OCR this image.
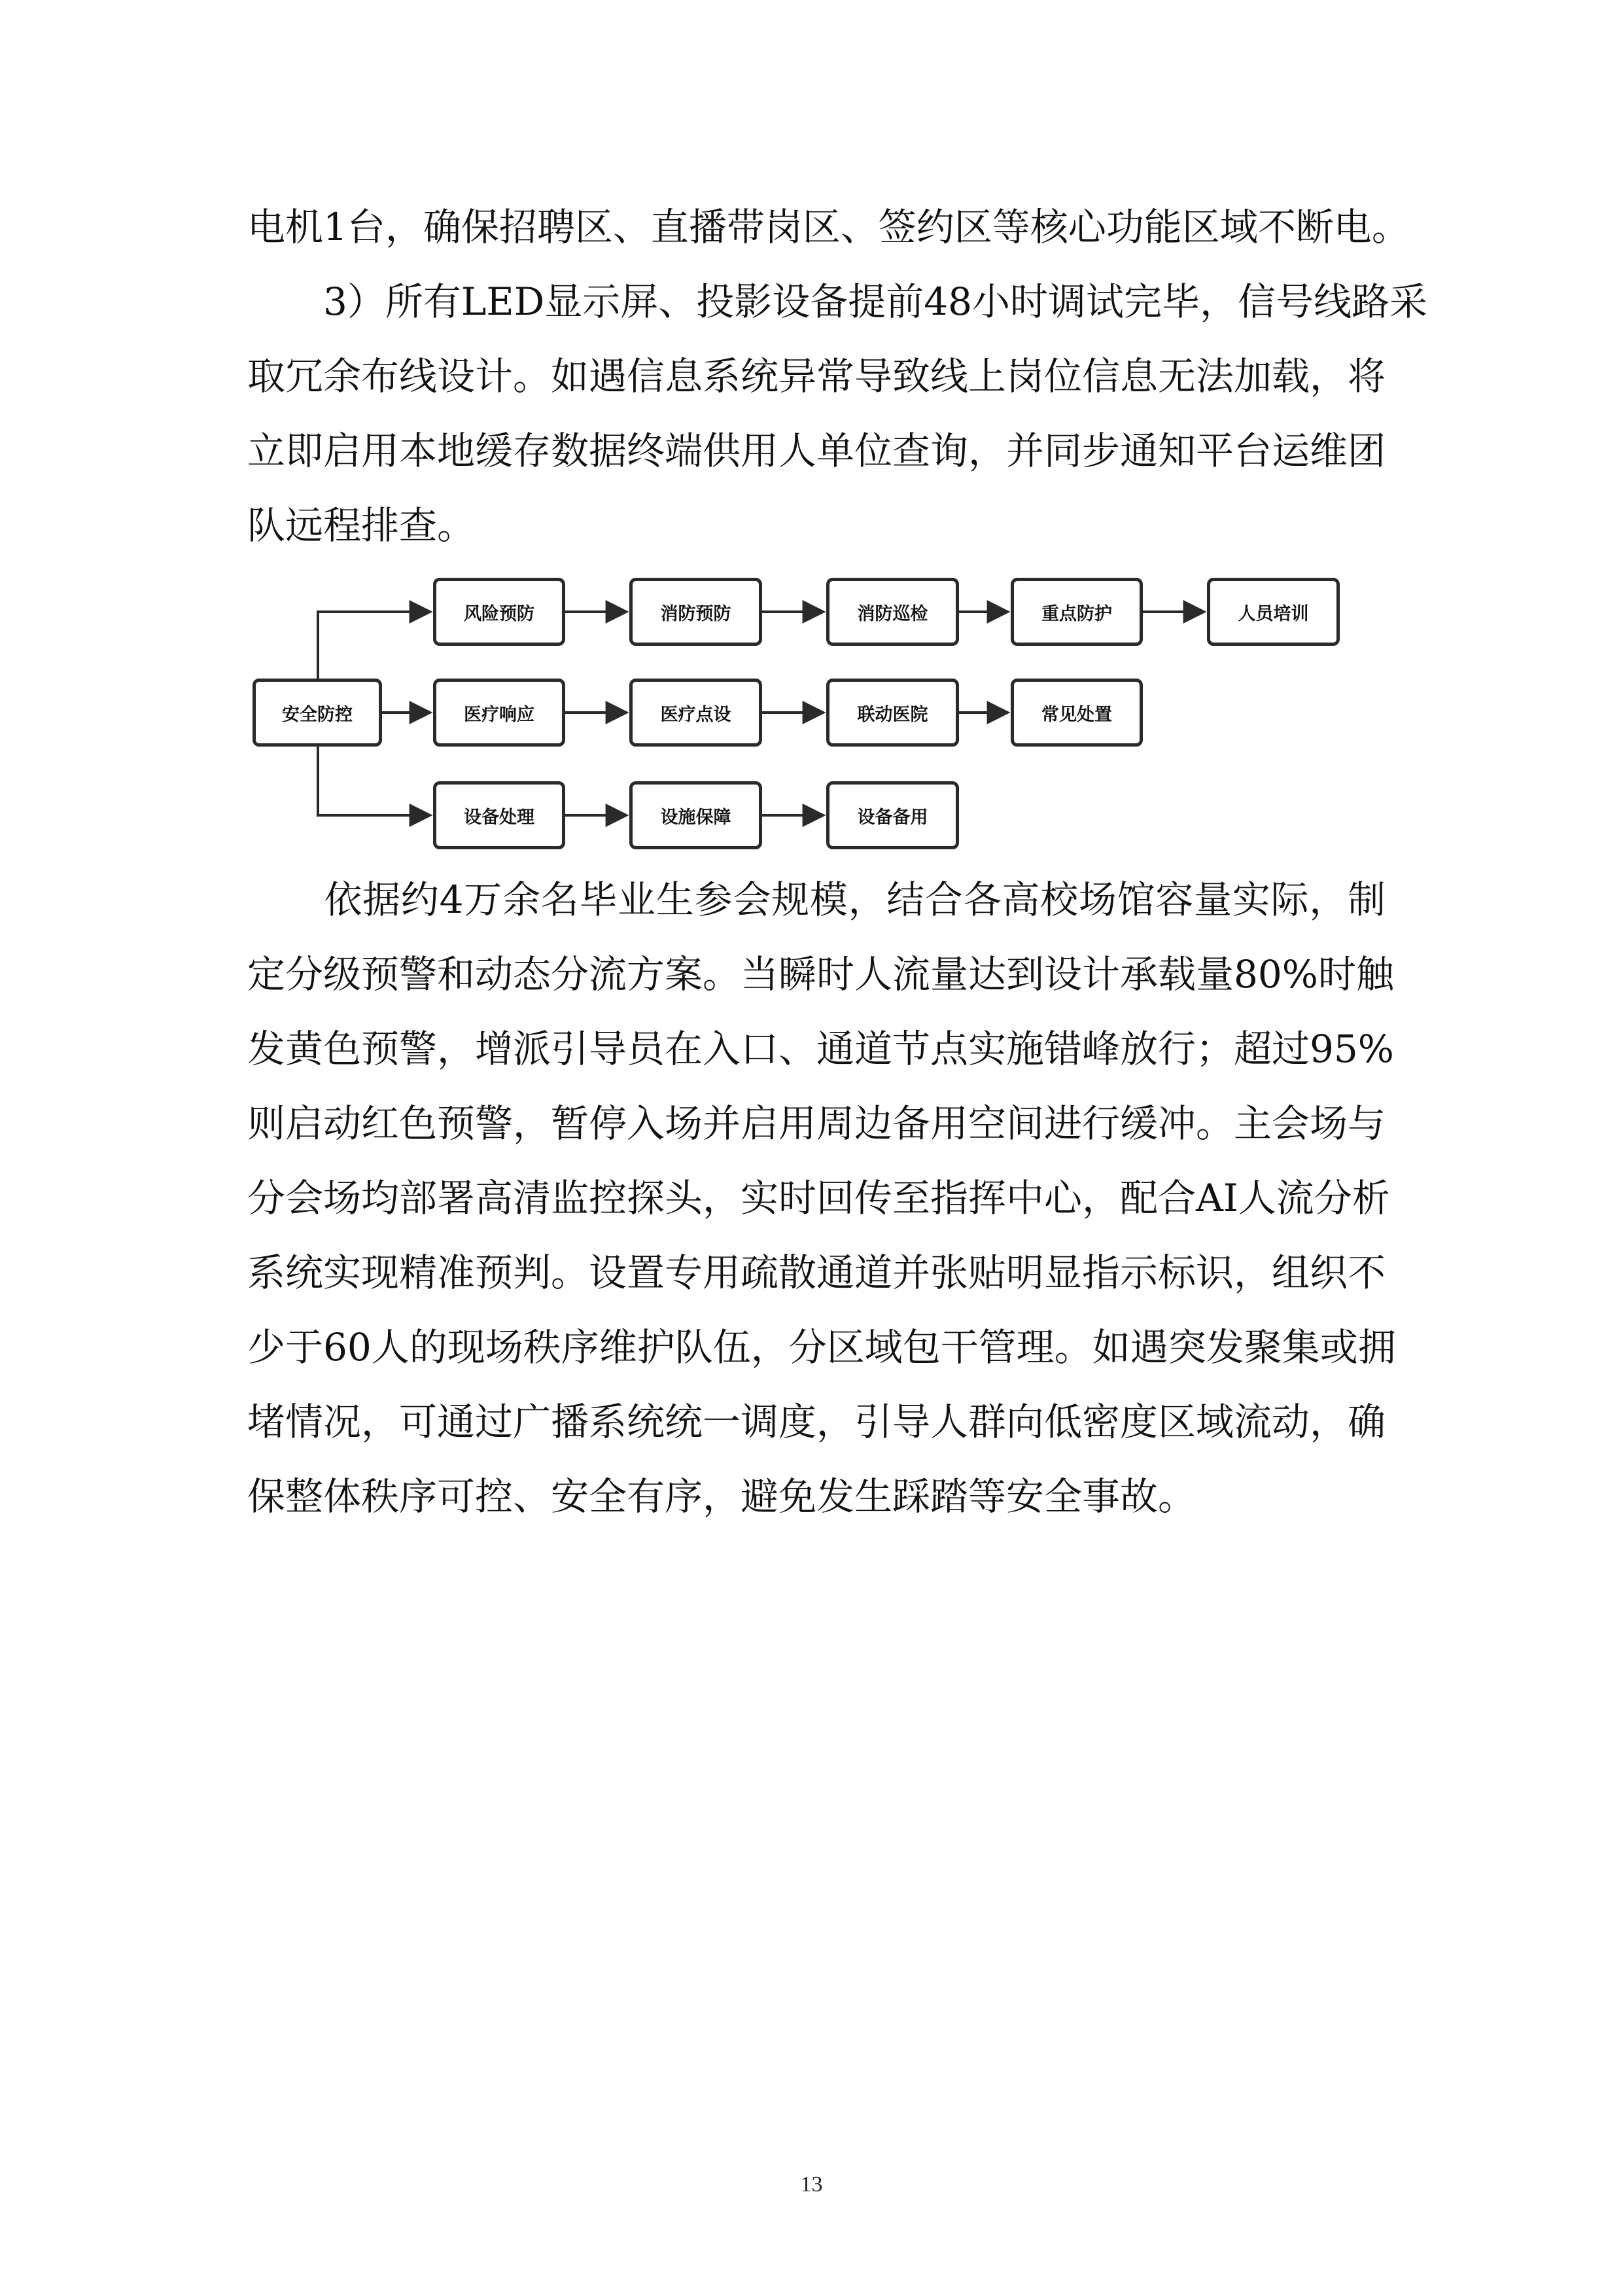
电机1台，确保招聘区、直播带岗区、签约区等核心功能区域不断电。
　　3）所有LED显示屏、投影设备提前48小时调试完毕，信号线路采
取冗余布线设计。如遇信息系统异常导致线上岗位信息无法加载，将
立即启用本地缓存数据终端供用人单位查询，并同步通知平台运维团
队远程排查。
安全防控
风险预防	消防预防	消防巡检	重点防护	人员培训
医疗响应	医疗点设	联动医院	常见处置
设备处理	设施保障	设备备用
　　依据约4万余名毕业生参会规模，结合各高校场馆容量实际，制
定分级预警和动态分流方案。当瞬时人流量达到设计承载量80%时触
发黄色预警，增派引导员在入口、通道节点实施错峰放行；超过95%
则启动红色预警，暂停入场并启用周边备用空间进行缓冲。主会场与
分会场均部署高清监控探头，实时回传至指挥中心，配合AI人流分析
系统实现精准预判。设置专用疏散通道并张贴明显指示标识，组织不
少于60人的现场秩序维护队伍，分区域包干管理。如遇突发聚集或拥
堵情况，可通过广播系统统一调度，引导人群向低密度区域流动，确
保整体秩序可控、安全有序，避免发生踩踏等安全事故。
13
